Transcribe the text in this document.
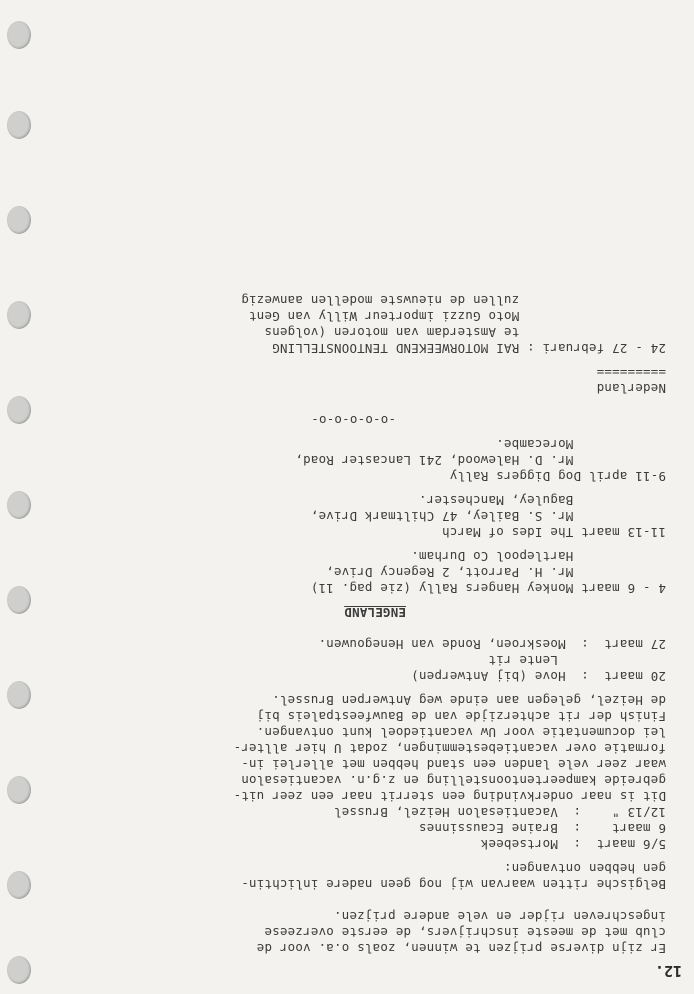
12.
Er zijn diverse prijzen te winnen, zoals o.a. voor de
club met de meeste inschrijvers, de eerste overzeese
ingeschreven rijder en vele andere prijzen.
Belgische ritten waarvan wij nog geen nadere inlichtin-
gen hebben ontvangen:
5/6 maart  :  Mortsebeek
6 maart    :  Braine Ecaussinnes
12/13 "    :  Vacantiesalon Heizel, Brussel
Dit is naar onderkvinding een sterrit naar een zeer uit-
gebreide kampeertentoonstelling en z.g.n. vacantiesalon
waar zeer vele landen een stand hebben met allerlei in-
formatie over vacantiebestemmingen, zodat U hier allter-
lei documentatie voor Uw vacantiedoel kunt ontvangen.
Finish der rit achterzijde van de Bauwfeestpaleis bij
de Heizel, gelegen aan einde weg Antwerpen Brussel.
20 maart  :  Hove (bij Antwerpen)
Lente rit
27 maart  :  Moeskroen, Ronde van Henegouwen.
ENGELAND
4 - 6 maart Monkey Hangers Rally (zie pag. 11)
Mr. H. Parrott, 2 Regency Drive,
Hartlepool Co Durham.
11-13 maart The Ides of March
Mr. S. Bailey, 47 Chiltmark Drive,
Baguley, Manchester.
9-11 april Dog Diggers Rally
Mr. D. Halewood, 241 Lancaster Road,
Morecambe.
-o-o-o-o-o-
Nederland
=========
24 - 27 februari : RAI MOTORWEEKEND TENTOONSTELLING
te Amsterdam van motoren (volgens
Moto Guzzi importeur Willy van Gent
zullen de nieuwste modellen aanwezig
